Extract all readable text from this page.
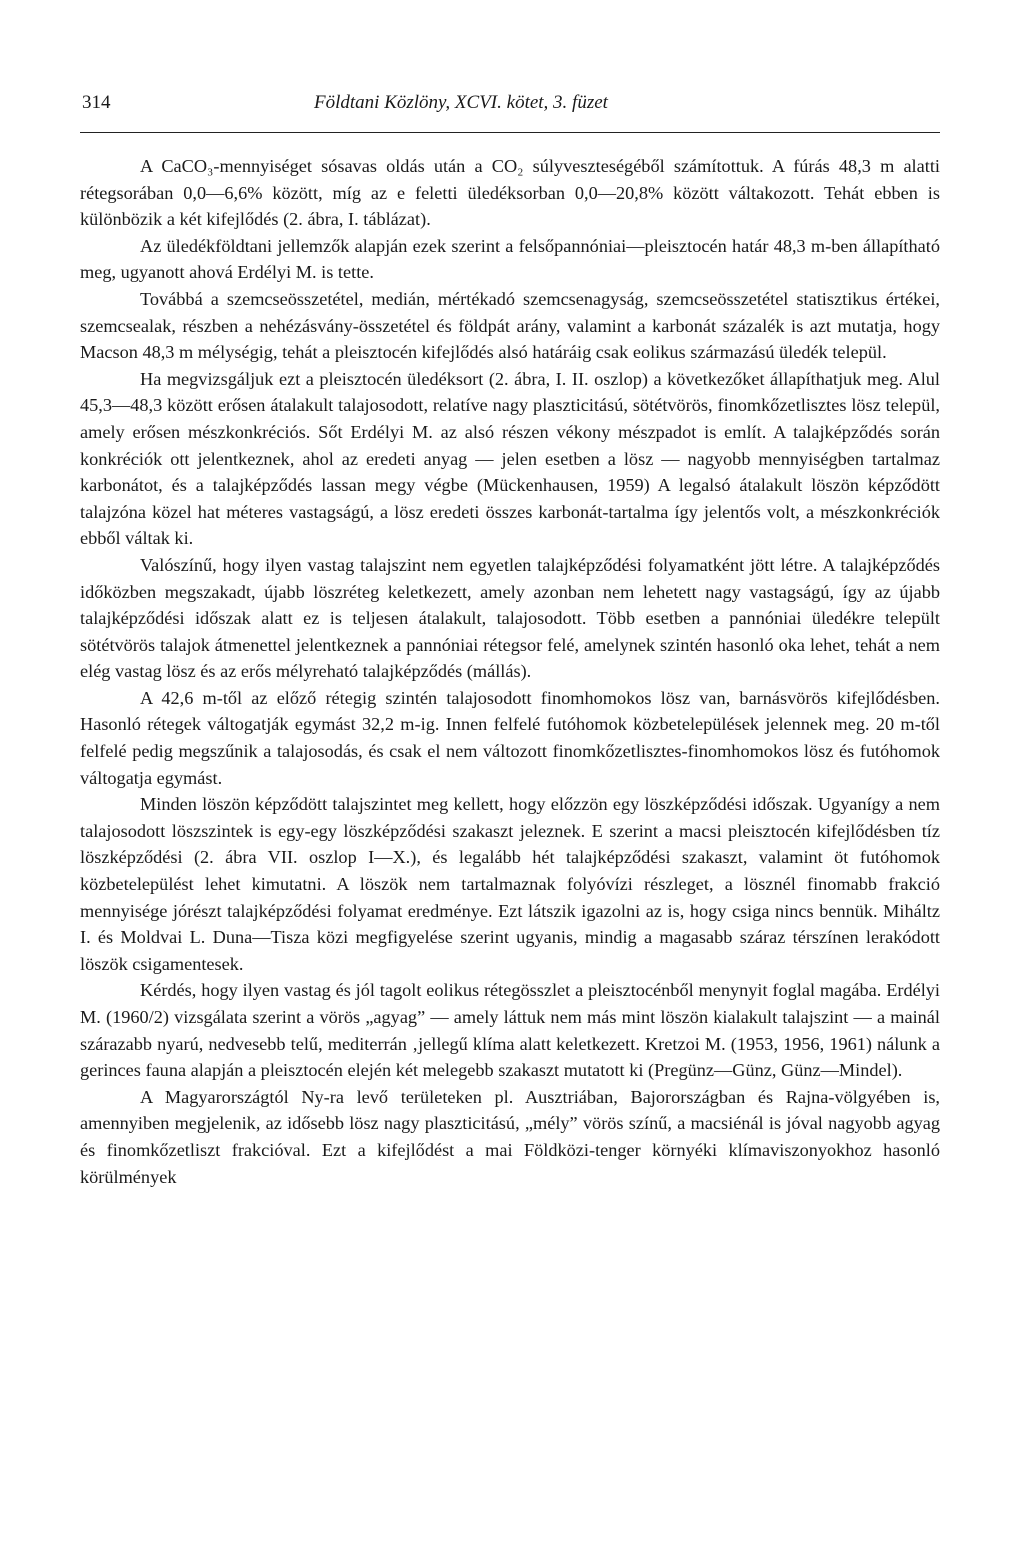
314	Földtani Közlöny, XCVI. kötet, 3. füzet

A CaCO₃-mennyiséget sósavas oldás után a CO₂ súlyveszteségéből számítottuk. A fúrás 48,3 m alatti rétegsorában 0,0—6,6% között, míg az e feletti üledéksorban 0,0—20,8% között váltakozott. Tehát ebben is különbözik a két kifejlődés (2. ábra, I. táblázat).

Az üledékföldtani jellemzők alapján ezek szerint a felsőpannóniai—pleisztocén határ 48,3 m-ben állapítható meg, ugyanott ahová Erdélyi M. is tette.

Továbbá a szemcseösszetétel, medián, mértékadó szemcsenagyság, szemcseösszetétel statisztikus értékei, szemcsealak, részben a nehézásvány-összetétel és földpát arány, valamint a karbonát százalék is azt mutatja, hogy Macson 48,3 m mélységig, tehát a pleisztocén kifejlődés alsó határáig csak eolikus származású üledék települ.

Ha megvizsgáljuk ezt a pleisztocén üledéksort (2. ábra, I. II. oszlop) a következőket állapíthatjuk meg. Alul 45,3—48,3 között erősen átalakult talajosodott, relatíve nagy plaszticitású, sötétvörös, finomkőzetlisztes lösz települ, amely erősen mészkonkréciós. Sőt Erdélyi M. az alsó részen vékony mészpadot is említ. A talajképződés során konkréciók ott jelentkeznek, ahol az eredeti anyag — jelen esetben a lösz — nagyobb mennyiségben tartalmaz karbonátot, és a talajképződés lassan megy végbe (Mückenhausen, 1959) A legalsó átalakult löszön képződött talajzóna közel hat méteres vastagságú, a lösz eredeti összes karbonát-tartalma így jelentős volt, a mészkonkréciók ebből váltak ki.

Valószínű, hogy ilyen vastag talajszint nem egyetlen talajképződési folyamatként jött létre. A talajképződés időközben megszakadt, újabb löszréteg keletkezett, amely azonban nem lehetett nagy vastagságú, így az újabb talajképződési időszak alatt ez is teljesen átalakult, talajosodott. Több esetben a pannóniai üledékre települt sötétvörös talajok átmenettel jelentkeznek a pannóniai rétegsor felé, amelynek szintén hasonló oka lehet, tehát a nem elég vastag lösz és az erős mélyreható talajképződés (mállás).

A 42,6 m-től az előző rétegig szintén talajosodott finomhomokos lösz van, barnásvörös kifejlődésben. Hasonló rétegek váltogatják egymást 32,2 m-ig. Innen felfelé futóhomok közbetelepülések jelennek meg. 20 m-től felfelé pedig megszűnik a talajosodás, és csak el nem változott finomkőzetlisztes-finomhomokos lösz és futóhomok váltogatja egymást.

Minden löszön képződött talajszintet meg kellett, hogy előzzön egy löszképződési időszak. Ugyanígy a nem talajosodott löszszintek is egy-egy löszképződési szakaszt jeleznek. E szerint a macsi pleisztocén kifejlődésben tíz löszképződési (2. ábra VII. oszlop I—X.), és legalább hét talajképződési szakaszt, valamint öt futóhomok közbetelepülést lehet kimutatni. A löszök nem tartalmaznak folyóvízi részleget, a lösznél finomabb frakció mennyisége jórészt talajképződési folyamat eredménye. Ezt látszik igazolni az is, hogy csiga nincs bennük. Miháltz I. és Moldvai L. Duna—Tisza közi megfigyelése szerint ugyanis, mindig a magasabb száraz térszínen lerakódott löszök csigamentesek.

Kérdés, hogy ilyen vastag és jól tagolt eolikus rétegösszlet a pleisztocénből menynyit foglal magába. Erdélyi M. (1960/2) vizsgálata szerint a vörös „agyag” — amely láttuk nem más mint löszön kialakult talajszint — a mainál szárazabb nyarú, nedvesebb telű, mediterrán ‚jellegű klíma alatt keletkezett. Kretzoi M. (1953, 1956, 1961) nálunk a gerinces fauna alapján a pleisztocén elején két melegebb szakaszt mutatott ki (Pregünz—Günz, Günz—Mindel).

A Magyarországtól Ny-ra levő területeken pl. Ausztriában, Bajorországban és Rajna-völgyében is, amennyiben megjelenik, az idősebb lösz nagy plaszticitású, „mély” vörös színű, a macsiénál is jóval nagyobb agyag és finomkőzetliszt frakcióval. Ezt a kifejlődést a mai Földközi-tenger környéki klímaviszonyokhoz hasonló körülmények
